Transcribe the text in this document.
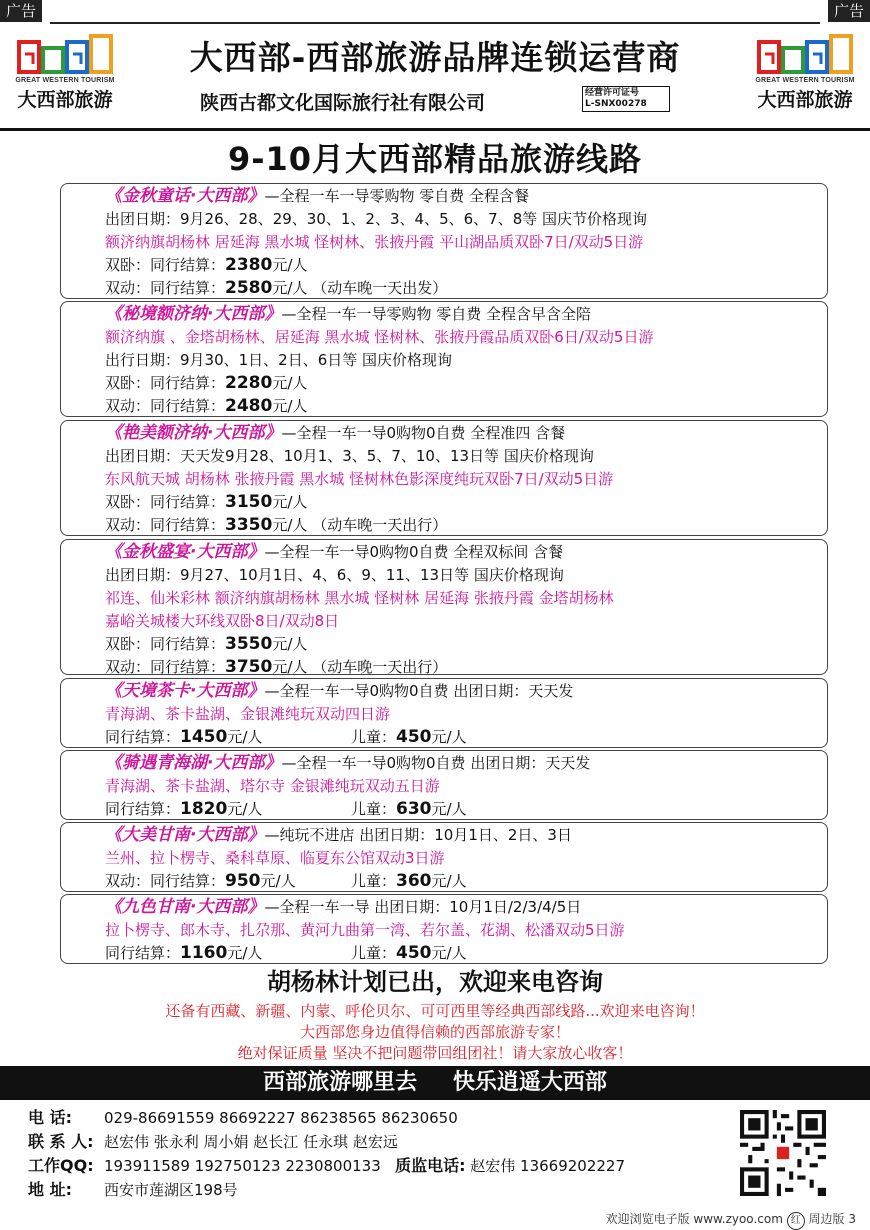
广告	广告
GREAT WESTERN TOURISM
大西部旅游
大西部-西部旅游品牌连锁运营商
陕西古都文化国际旅行社有限公司	经营许可证号
L-SNX00278
GREAT WESTERN TOURISM
大西部旅游
9-10月大西部精品旅游线路
《金秋童话·大西部》—全程一车一导零购物 零自费 全程含餐
出团日期：9月26、28、29、30、1、2、3、4、5、6、7、8等 国庆节价格现询
额济纳旗胡杨林 居延海 黑水城 怪树林、张掖丹霞 平山湖品质双卧7日/双动5日游
双卧：同行结算：2380元/人
双动：同行结算：2580元/人 （动车晚一天出发）
《秘境额济纳·大西部》—全程一车一导零购物 零自费 全程含早含全陪
额济纳旗 、金塔胡杨林、居延海 黑水城 怪树林、张掖丹霞品质双卧6日/双动5日游
出行日期：9月30、1日、2日、6日等 国庆价格现询
双卧：同行结算：2280元/人
双动：同行结算：2480元/人
《艳美额济纳·大西部》—全程一车一导0购物0自费 全程准四 含餐
出团日期：天天发9月28、10月1、3、5、7、10、13日等 国庆价格现询
东风航天城 胡杨林 张掖丹霞 黑水城 怪树林色影深度纯玩双卧7日/双动5日游
双卧：同行结算：3150元/人
双动：同行结算：3350元/人 （动车晚一天出行）
《金秋盛宴·大西部》—全程一车一导0购物0自费 全程双标间 含餐
出团日期：9月27、10月1日、4、6、9、11、13日等 国庆价格现询
祁连、仙米彩林 额济纳旗胡杨林 黑水城 怪树林 居延海 张掖丹霞 金塔胡杨林
嘉峪关城楼大环线双卧8日/双动8日
双卧：同行结算：3550元/人
双动：同行结算：3750元/人 （动车晚一天出行）
《天境茶卡·大西部》—全程一车一导0购物0自费 出团日期：天天发
青海湖、茶卡盐湖、金银滩纯玩双动四日游
同行结算：1450元/人	儿童：450元/人
《骑遇青海湖·大西部》—全程一车一导0购物0自费 出团日期：天天发
青海湖、茶卡盐湖、塔尔寺 金银滩纯玩双动五日游
同行结算：1820元/人	儿童：630元/人
《大美甘南·大西部》—纯玩不进店 出团日期：10月1日、2日、3日
兰州、拉卜楞寺、桑科草原、临夏东公馆双动3日游
双动：同行结算：950元/人	儿童：360元/人
《九色甘南·大西部》—全程一车一导 出团日期：10月1日/2/3/4/5日
拉卜楞寺、郎木寺、扎尕那、黄河九曲第一湾、若尔盖、花湖、松潘双动5日游
同行结算：1160元/人	儿童：450元/人
胡杨林计划已出，欢迎来电咨询
还备有西藏、新疆、内蒙、呼伦贝尔、可可西里等经典西部线路...欢迎来电咨询！
大西部您身边值得信赖的西部旅游专家！
绝对保证质量 坚决不把问题带回组团社！请大家放心收客！
西部旅游哪里去 快乐逍遥大西部
电 话: 029-86691559 86692227 86238565 86230650
联 系 人: 赵宏伟 张永利 周小娟 赵长江 任永琪 赵宏远
工作QQ: 193911589 192750123 2230800133 质监电话: 赵宏伟 13669202227
地 址: 西安市莲湖区198号
欢迎浏览电子版 www.zyoo.com 红 周边版 3
